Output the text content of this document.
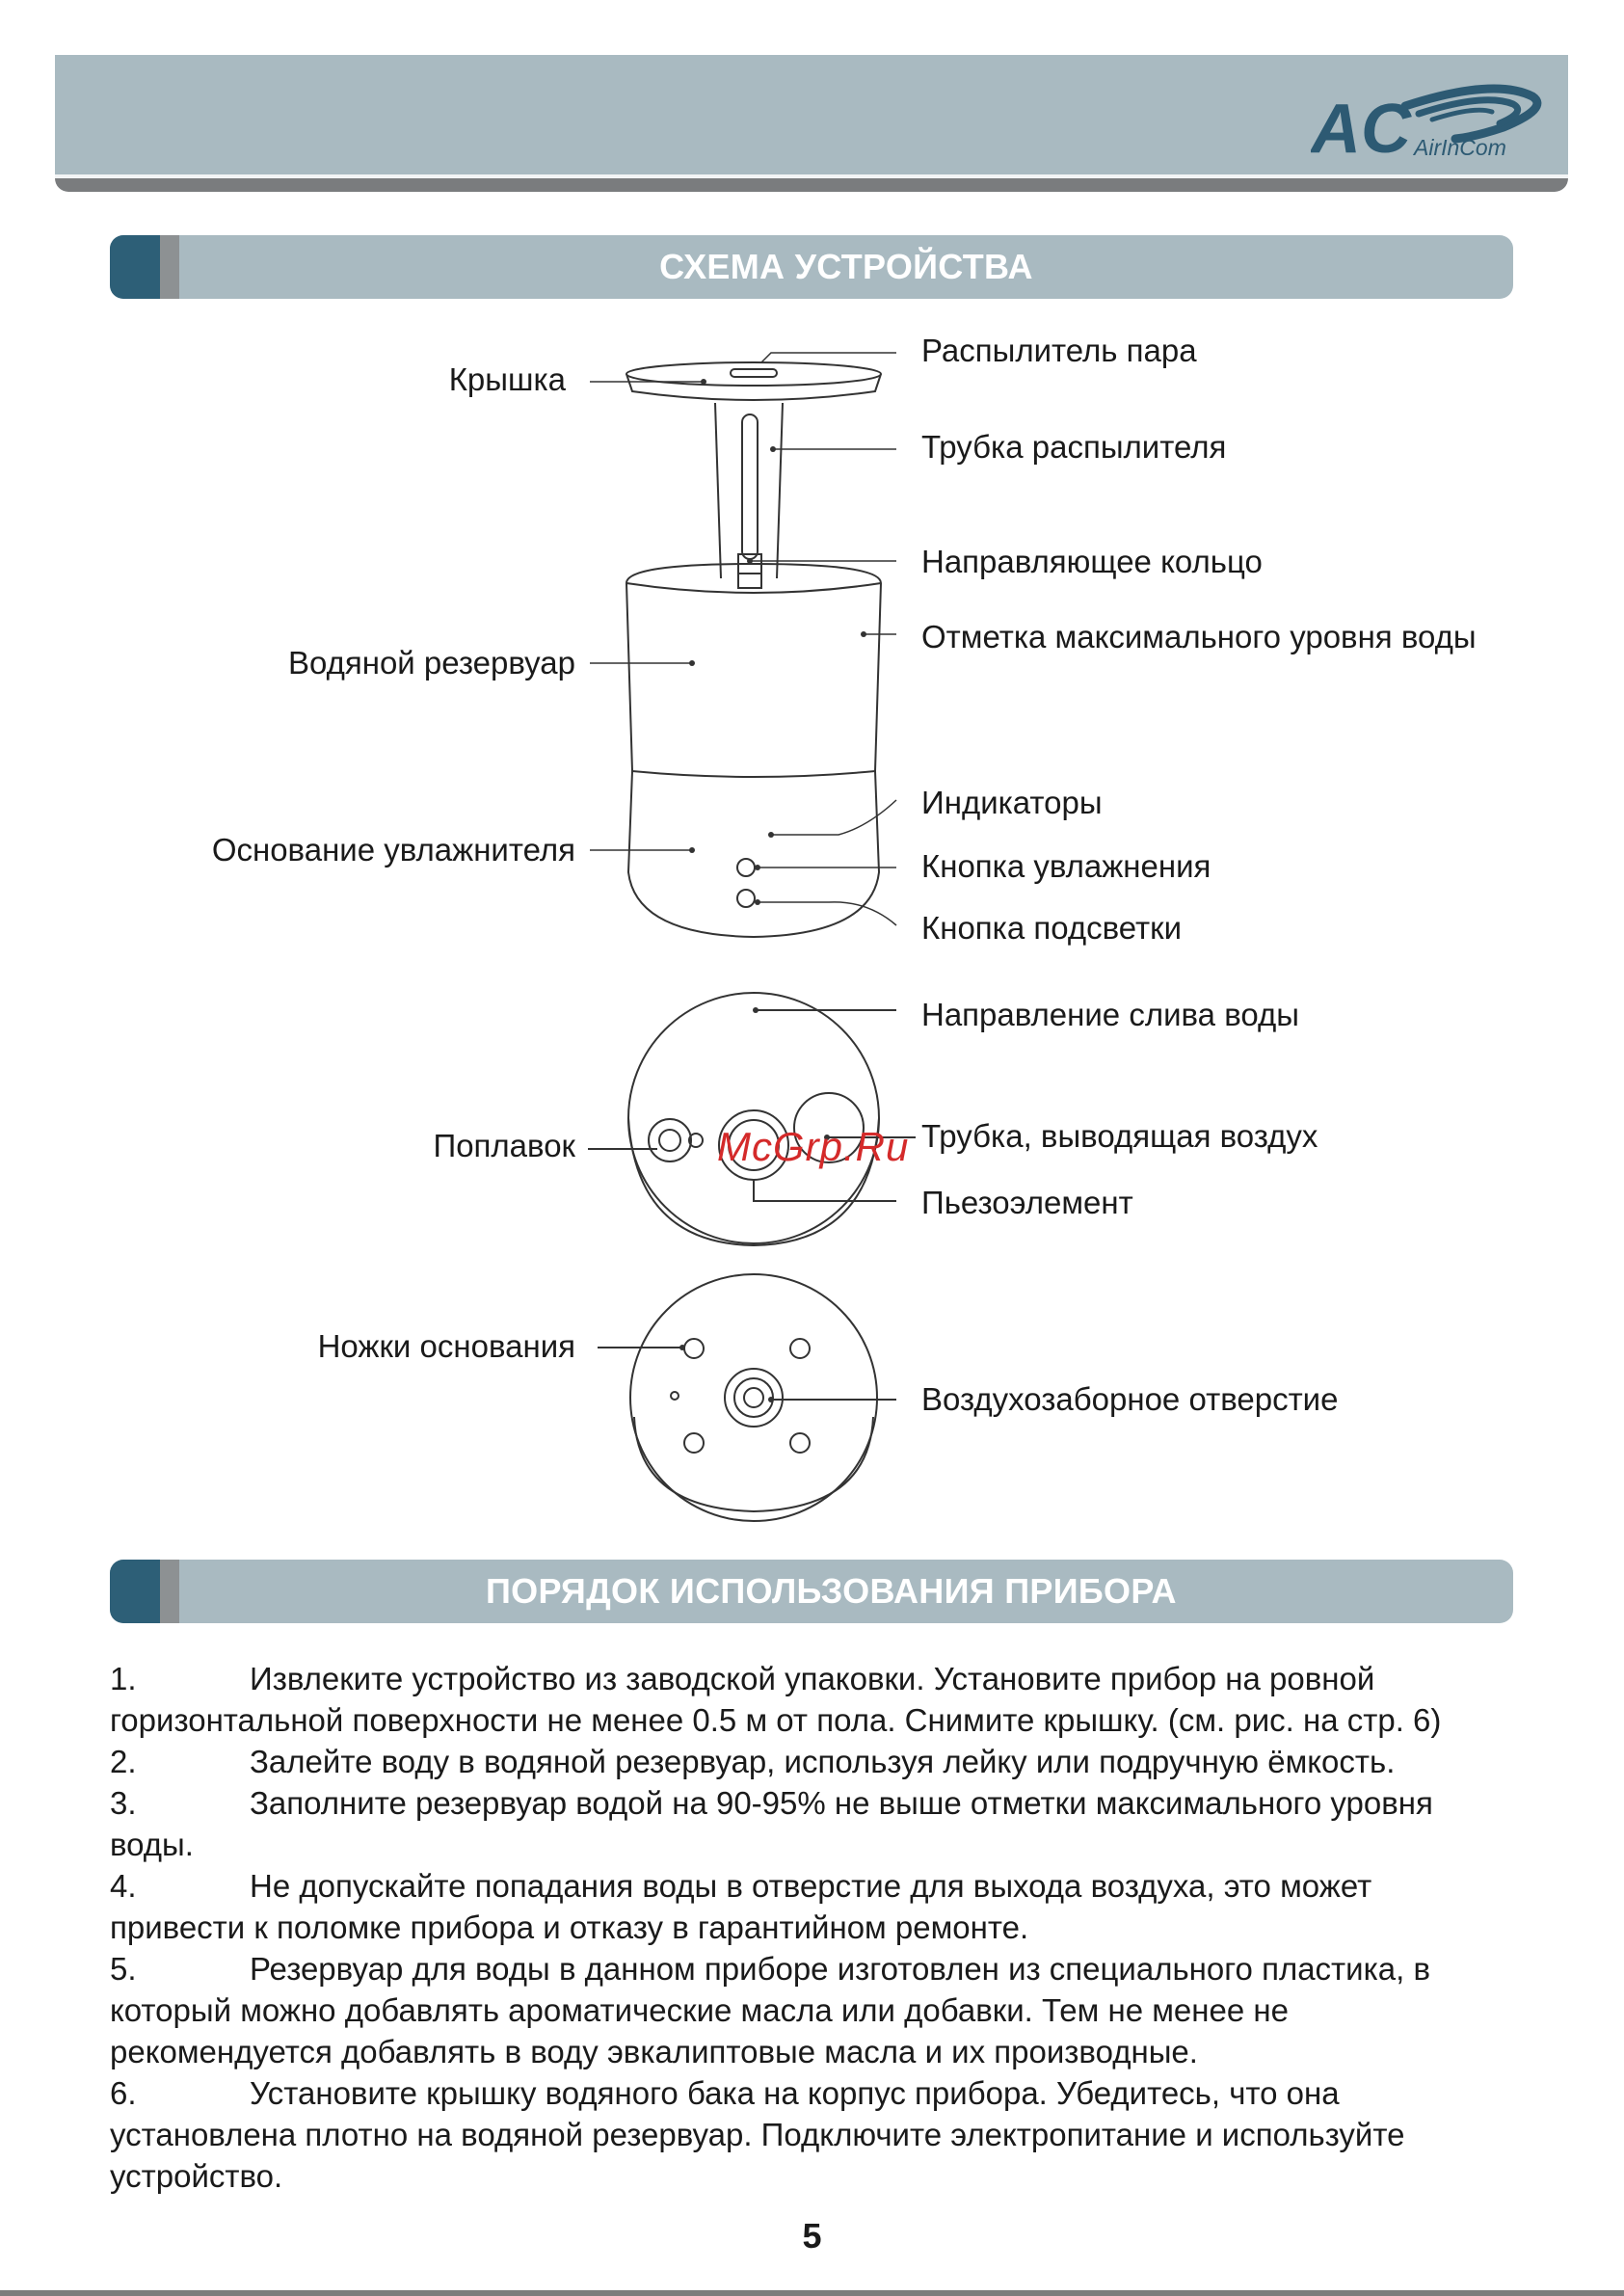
AC AirInCom
СХЕМА УСТРОЙСТВА
Крышка
Распылитель пара
Трубка распылителя
Направляющее кольцо
Водяной резервуар
Отметка максимального уровня воды
Индикаторы
Основание увлажнителя	Кнопка увлажнения
Кнопка подсветки
Направление слива воды
Поплавок	Трубка, выводящая воздух
Пьезоэлемент
Ножки основания
Воздухозаборное отверстие
McGrp.Ru
ПОРЯДОК ИСПОЛЬЗОВАНИЯ ПРИБОРА
1.	Извлеките устройство из заводской упаковки. Установите прибор на ровной
горизонтальной поверхности не менее 0.5 м от пола. Снимите крышку. (см. рис. на стр. 6)
2.	Залейте воду в водяной резервуар, используя лейку или подручную ёмкость.
3.	Заполните резервуар водой на 90-95% не выше отметки максимального уровня
воды.
4.	Не допускайте попадания воды в отверстие для выхода воздуха, это может
привести к поломке прибора и отказу в гарантийном ремонте.
5.	Резервуар для воды в данном приборе изготовлен из специального пластика, в
который можно добавлять ароматические масла или добавки. Тем не менее не
рекомендуется добавлять в воду эвкалиптовые масла и их производные.
6.	Установите крышку водяного бака на корпус прибора. Убедитесь, что она
установлена плотно на водяной резервуар. Подключите электропитание и используйте
устройство.
5
